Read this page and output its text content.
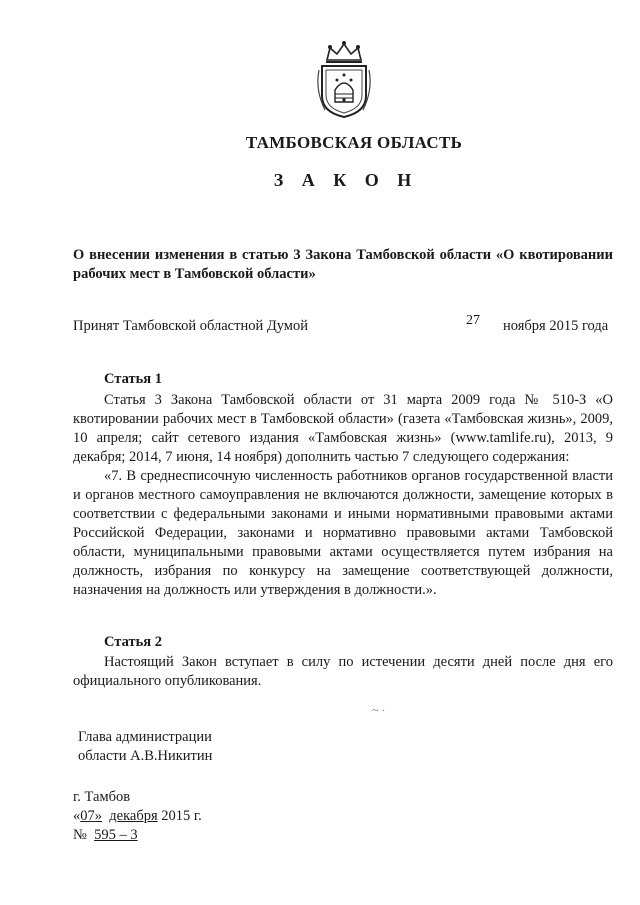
ТАМБОВСКАЯ ОБЛАСТЬ
З А К О Н
О внесении изменения в статью 3 Закона Тамбовской области «О квотировании рабочих мест в Тамбовской области»
Принят Тамбовской областной Думой	27 ноября 2015 года
Статья 1
Статья 3 Закона Тамбовской области от 31 марта 2009 года № 510-З «О квотировании рабочих мест в Тамбовской области» (газета «Тамбовская жизнь», 2009, 10 апреля; сайт сетевого издания «Тамбовская жизнь» (www.tamlife.ru), 2013, 9 декабря; 2014, 7 июня, 14 ноября) дополнить частью 7 следующего содержания:
«7. В среднесписочную численность работников органов государственной власти и органов местного самоуправления не включаются должности, замещение которых в соответствии с федеральными законами и иными нормативными правовыми актами Российской Федерации, законами и нормативно правовыми актами Тамбовской области, муниципальными правовыми актами осуществляется путем избрания на должность, избрания по конкурсу на замещение соответствующей должности, назначения на должность или утверждения в должности.».
Статья 2
Настоящий Закон вступает в силу по истечении десяти дней после дня его официального опубликования.
~ ·
Глава администрации
области А.В.Никитин
г. Тамбов
«07» декабря 2015 г.
№ 595 – 3
